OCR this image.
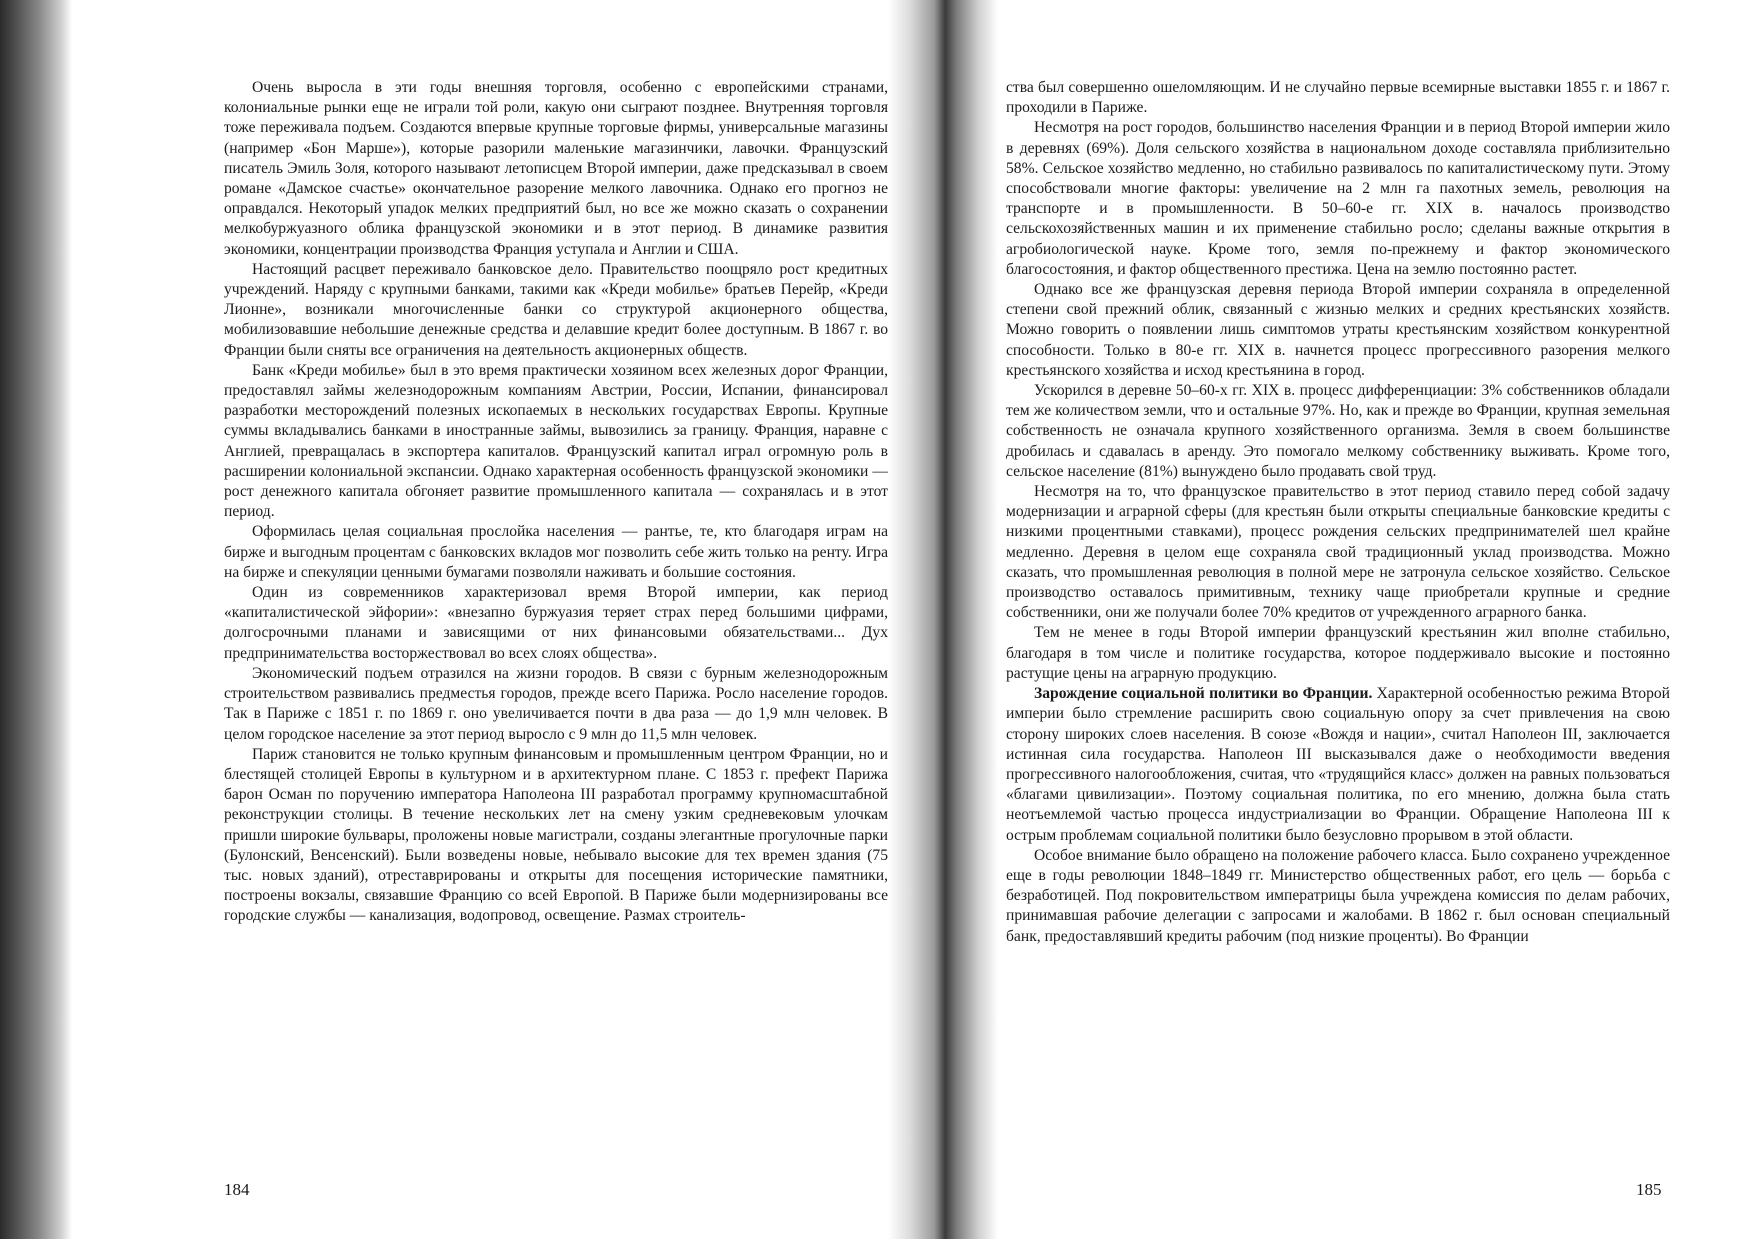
Очень выросла в эти годы внешняя торговля, особенно с европейскими странами, колониальные рынки еще не играли той роли, какую они сыграют позднее. Внутренняя торговля тоже переживала подъем. Создаются впервые крупные торговые фирмы, универсальные магазины (например «Бон Марше»), которые разорили маленькие магазинчики, лавочки. Французский писатель Эмиль Золя, которого называют летописцем Второй империи, даже предсказывал в своем романе «Дамское счастье» окончательное разорение мелкого лавочника. Однако его прогноз не оправдался. Некоторый упадок мелких предприятий был, но все же можно сказать о сохранении мелкобуржуазного облика французской экономики и в этот период. В динамике развития экономики, концентрации производства Франция уступала и Англии и США.

Настоящий расцвет переживало банковское дело. Правительство поощряло рост кредитных учреждений. Наряду с крупными банками, такими как «Креди мобилье» братьев Перейр, «Креди Лионне», возникали многочисленные банки со структурой акционерного общества, мобилизовавшие небольшие денежные средства и делавшие кредит более доступным. В 1867 г. во Франции были сняты все ограничения на деятельность акционерных обществ.

Банк «Креди мобилье» был в это время практически хозяином всех железных дорог Франции, предоставлял займы железнодорожным компаниям Австрии, России, Испании, финансировал разработки месторождений полезных ископаемых в нескольких государствах Европы. Крупные суммы вкладывались банками в иностранные займы, вывозились за границу. Франция, наравне с Англией, превращалась в экспортера капиталов. Французский капитал играл огромную роль в расширении колониальной экспансии. Однако характерная особенность французской экономики — рост денежного капитала обгоняет развитие промышленного капитала — сохранялась и в этот период.

Оформилась целая социальная прослойка населения — рантье, те, кто благодаря играм на бирже и выгодным процентам с банковских вкладов мог позволить себе жить только на ренту. Игра на бирже и спекуляции ценными бумагами позволяли наживать и большие состояния.

Один из современников характеризовал время Второй империи, как период «капиталистической эйфории»: «внезапно буржуазия теряет страх перед большими цифрами, долгосрочными планами и зависящими от них финансовыми обязательствами... Дух предпринимательства восторжествовал во всех слоях общества».

Экономический подъем отразился на жизни городов. В связи с бурным железнодорожным строительством развивались предместья городов, прежде всего Парижа. Росло население городов. Так в Париже с 1851 г. по 1869 г. оно увеличивается почти в два раза — до 1,9 млн человек. В целом городское население за этот период выросло с 9 млн до 11,5 млн человек.

Париж становится не только крупным финансовым и промышленным центром Франции, но и блестящей столицей Европы в культурном и в архитектурном плане. С 1853 г. префект Парижа барон Осман по поручению императора Наполеона III разработал программу крупномасштабной реконструкции столицы. В течение нескольких лет на смену узким средневековым улочкам пришли широкие бульвары, проложены новые магистрали, созданы элегантные прогулочные парки (Булонский, Венсенский). Были возведены новые, небывало высокие для тех времен здания (75 тыс. новых зданий), отреставрированы и открыты для посещения исторические памятники, построены вокзалы, связавшие Францию со всей Европой. В Париже были модернизированы все городские службы — канализация, водопровод, освещение. Размах строитель-

184

ства был совершенно ошеломляющим. И не случайно первые всемирные выставки 1855 г. и 1867 г. проходили в Париже.

Несмотря на рост городов, большинство населения Франции и в период Второй империи жило в деревнях (69%). Доля сельского хозяйства в национальном доходе составляла приблизительно 58%. Сельское хозяйство медленно, но стабильно развивалось по капиталистическому пути. Этому способствовали многие факторы: увеличение на 2 млн га пахотных земель, революция на транспорте и в промышленности. В 50–60-е гг. XIX в. началось производство сельскохозяйственных машин и их применение стабильно росло; сделаны важные открытия в агробиологической науке. Кроме того, земля по-прежнему и фактор экономического благосостояния, и фактор общественного престижа. Цена на землю постоянно растет.

Однако все же французская деревня периода Второй империи сохраняла в определенной степени свой прежний облик, связанный с жизнью мелких и средних крестьянских хозяйств. Можно говорить о появлении лишь симптомов утраты крестьянским хозяйством конкурентной способности. Только в 80-е гг. XIX в. начнется процесс прогрессивного разорения мелкого крестьянского хозяйства и исход крестьянина в город.

Ускорился в деревне 50–60-х гг. XIX в. процесс дифференциации: 3% собственников обладали тем же количеством земли, что и остальные 97%. Но, как и прежде во Франции, крупная земельная собственность не означала крупного хозяйственного организма. Земля в своем большинстве дробилась и сдавалась в аренду. Это помогало мелкому собственнику выживать. Кроме того, сельское население (81%) вынуждено было продавать свой труд.

Несмотря на то, что французское правительство в этот период ставило перед собой задачу модернизации и аграрной сферы (для крестьян были открыты специальные банковские кредиты с низкими процентными ставками), процесс рождения сельских предпринимателей шел крайне медленно. Деревня в целом еще сохраняла свой традиционный уклад производства. Можно сказать, что промышленная революция в полной мере не затронула сельское хозяйство. Сельское производство оставалось примитивным, технику чаще приобретали крупные и средние собственники, они же получали более 70% кредитов от учрежденного аграрного банка.

Тем не менее в годы Второй империи французский крестьянин жил вполне стабильно, благодаря в том числе и политике государства, которое поддерживало высокие и постоянно растущие цены на аграрную продукцию.

Зарождение социальной политики во Франции. Характерной особенностью режима Второй империи было стремление расширить свою социальную опору за счет привлечения на свою сторону широких слоев населения. В союзе «Вождя и нации», считал Наполеон III, заключается истинная сила государства. Наполеон III высказывался даже о необходимости введения прогрессивного налогообложения, считая, что «трудящийся класс» должен на равных пользоваться «благами цивилизации». Поэтому социальная политика, по его мнению, должна была стать неотъемлемой частью процесса индустриализации во Франции. Обращение Наполеона III к острым проблемам социальной политики было безусловно прорывом в этой области.

Особое внимание было обращено на положение рабочего класса. Было сохранено учрежденное еще в годы революции 1848–1849 гг. Министерство общественных работ, его цель — борьба с безработицей. Под покровительством императрицы была учреждена комиссия по делам рабочих, принимавшая рабочие делегации с запросами и жалобами. В 1862 г. был основан специальный банк, предоставлявший кредиты рабочим (под низкие проценты). Во Франции

185
